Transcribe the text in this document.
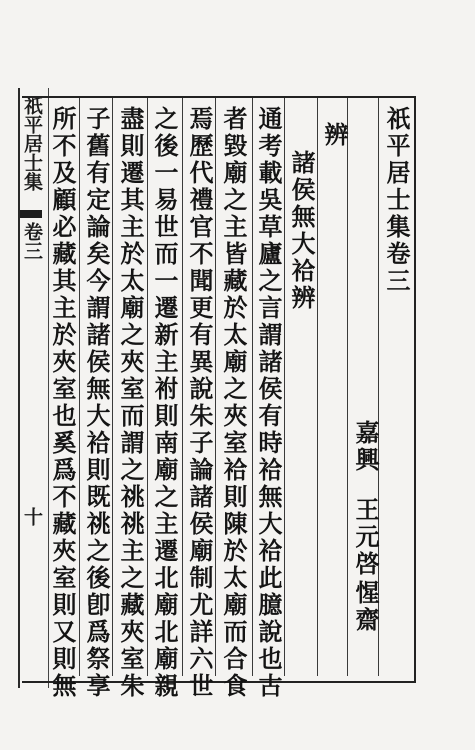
祇平居士集
卷三
十
祇平居士集卷三
嘉興
王元啓
惺齋
辨
諸侯無大祫辨
通考載吳草廬之言謂諸侯有時祫無大祫此臆說也古
者毀廟之主皆藏於太廟之夾室祫則陳於太廟而合食
焉歷代禮官不聞更有異說朱子論諸侯廟制尤詳六世
之後一易世而一遷新主祔則南廟之主遷北廟北廟親
盡則遷其主於太廟之夾室而謂之祧祧主之藏夾室朱
子舊有定論矣今謂諸侯無大祫則既祧之後卽爲祭享
所不及顧必藏其主於夾室也奚爲不藏夾室則又則無
